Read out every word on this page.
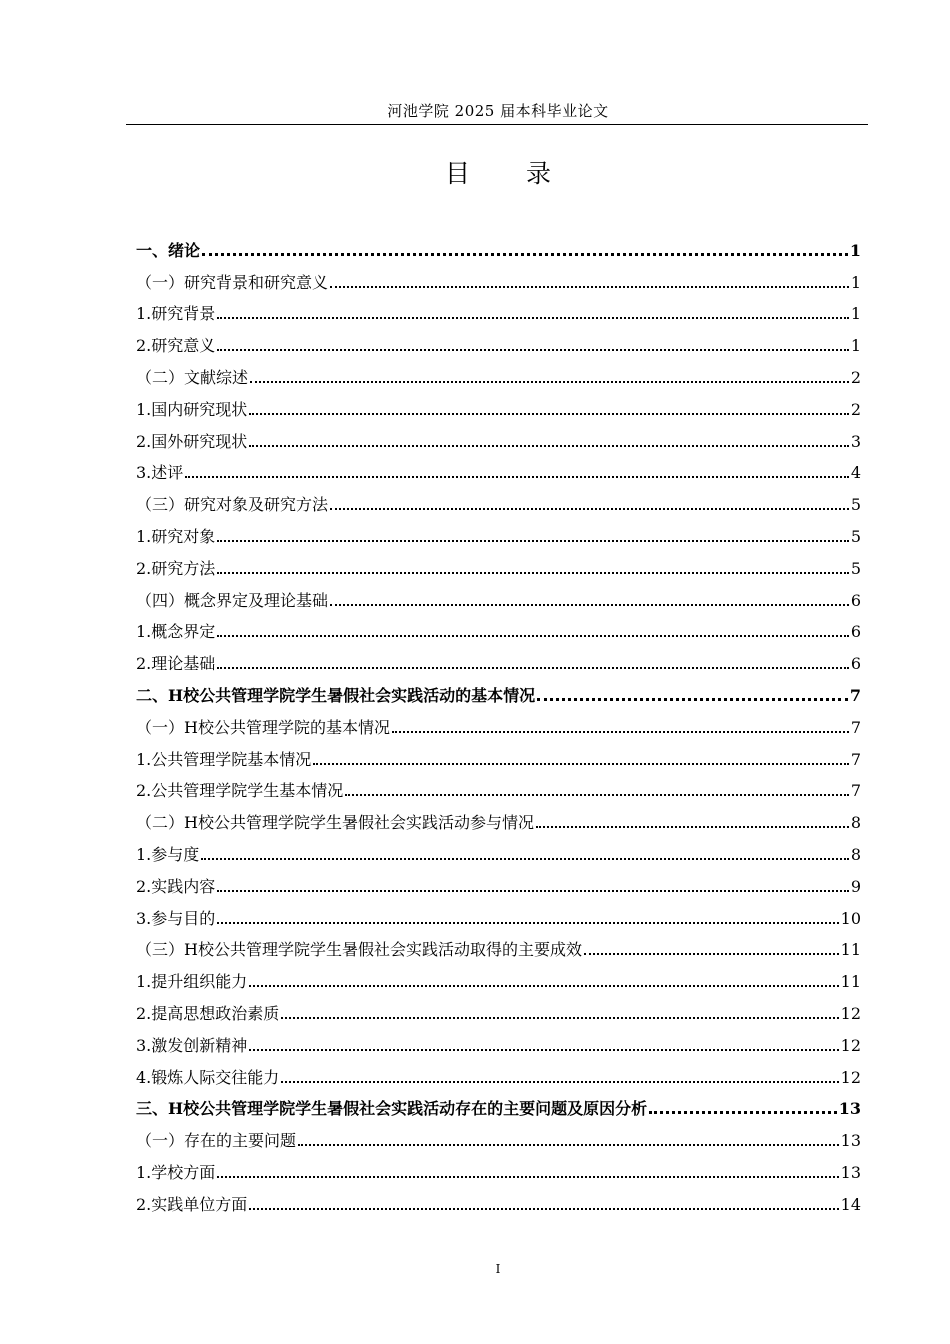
河池学院 2025 届本科毕业论文
目 录
一、绪论	1
（一）研究背景和研究意义	1
1.研究背景	1
2.研究意义	1
（二）文献综述	2
1.国内研究现状	2
2.国外研究现状	3
3.述评	4
（三）研究对象及研究方法	5
1.研究对象	5
2.研究方法	5
（四）概念界定及理论基础	6
1.概念界定	6
2.理论基础	6
二、H校公共管理学院学生暑假社会实践活动的基本情况	7
（一）H校公共管理学院的基本情况	7
1.公共管理学院基本情况	7
2.公共管理学院学生基本情况	7
（二）H校公共管理学院学生暑假社会实践活动参与情况	8
1.参与度	8
2.实践内容	9
3.参与目的	10
（三）H校公共管理学院学生暑假社会实践活动取得的主要成效	11
1.提升组织能力	11
2.提高思想政治素质	12
3.激发创新精神	12
4.锻炼人际交往能力	12
三、H校公共管理学院学生暑假社会实践活动存在的主要问题及原因分析	13
（一）存在的主要问题	13
1.学校方面	13
2.实践单位方面	14
I
